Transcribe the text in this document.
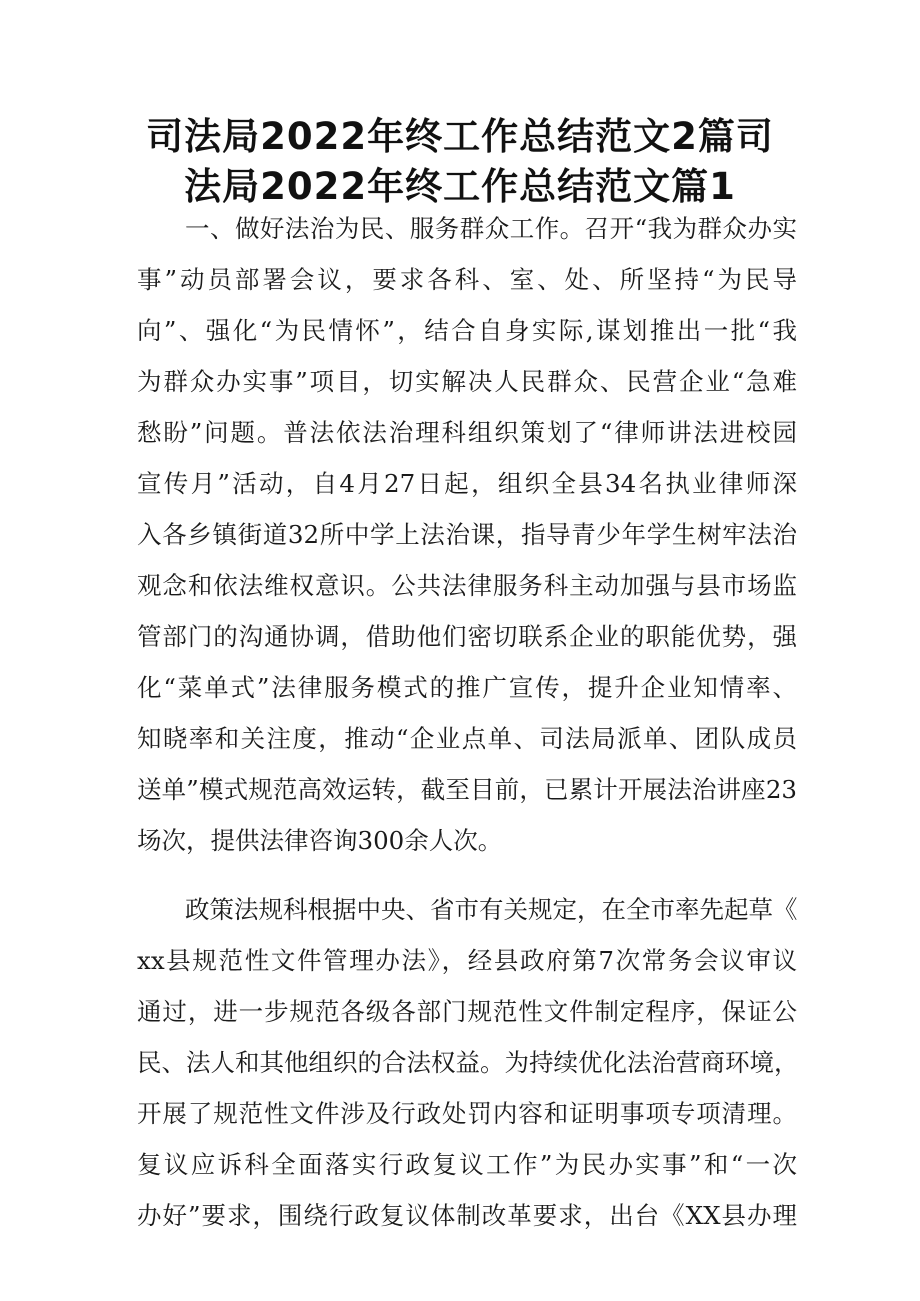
司法局2022年终工作总结范文2篇司
法局2022年终工作总结范文篇1
一、做好法治为民、服务群众工作。召开“我为群众办实
事”动员部署会议，要求各科、室、处、所坚持“为民导
向”、强化“为民情怀”，结合自身实际,谋划推出一批“我
为群众办实事”项目，切实解决人民群众、民营企业“急难
愁盼”问题。普法依法治理科组织策划了“律师讲法进校园
宣传月”活动，自4月27日起，组织全县34名执业律师深
入各乡镇街道32所中学上法治课，指导青少年学生树牢法治
观念和依法维权意识。公共法律服务科主动加强与县市场监
管部门的沟通协调，借助他们密切联系企业的职能优势，强
化“菜单式”法律服务模式的推广宣传，提升企业知情率、
知晓率和关注度，推动“企业点单、司法局派单、团队成员
送单”模式规范高效运转，截至目前，已累计开展法治讲座23
场次，提供法律咨询300余人次。
政策法规科根据中央、省市有关规定，在全市率先起草《
xx县规范性文件管理办法》，经县政府第7次常务会议审议
通过，进一步规范各级各部门规范性文件制定程序，保证公
民、法人和其他组织的合法权益。为持续优化法治营商环境，
开展了规范性文件涉及行政处罚内容和证明事项专项清理。
复议应诉科全面落实行政复议工作”为民办实事”和“一次
办好”要求，围绕行政复议体制改革要求，出台《XX县办理
